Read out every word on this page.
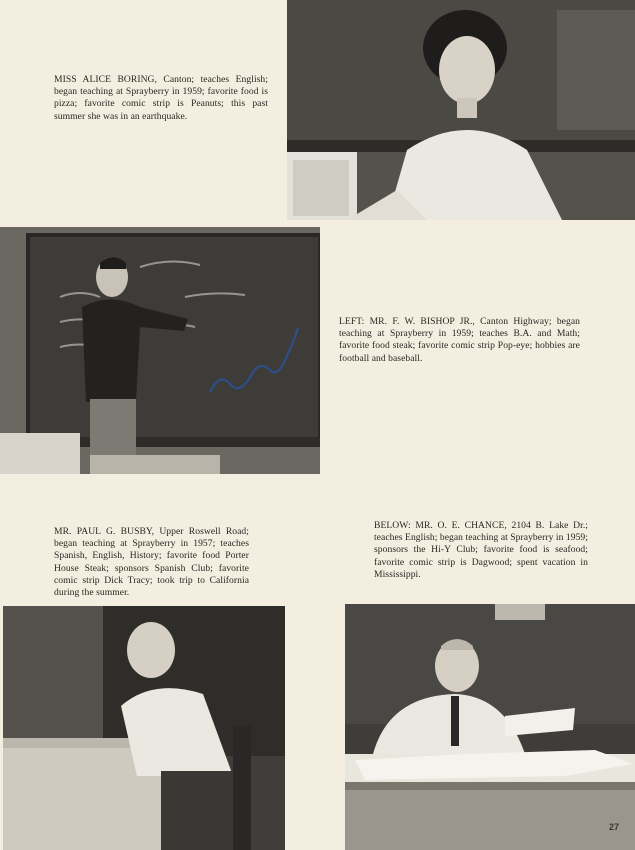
MISS ALICE BORING, Canton; teaches English; began teaching at Sprayberry in 1959; favorite food is pizza; favorite comic strip is Peanuts; this past summer she was in an earthquake.

LEFT: MR. F. W. BISHOP JR., Canton Highway; began teaching at Sprayberry in 1959; teaches B.A. and Math; favorite food steak; favorite comic strip Pop-eye; hobbies are football and baseball.

MR. PAUL G. BUSBY, Upper Roswell Road; began teaching at Sprayberry in 1957; teaches Spanish, English, History; favorite food Porter House Steak; sponsors Spanish Club; favorite comic strip Dick Tracy; took trip to California during the summer.

BELOW: MR. O. E. CHANCE, 2104 B. Lake Dr.; teaches English; began teaching at Sprayberry in 1959; sponsors the Hi-Y Club; favorite food is seafood; favorite comic strip is Dagwood; spent vacation in Mississippi.

27
